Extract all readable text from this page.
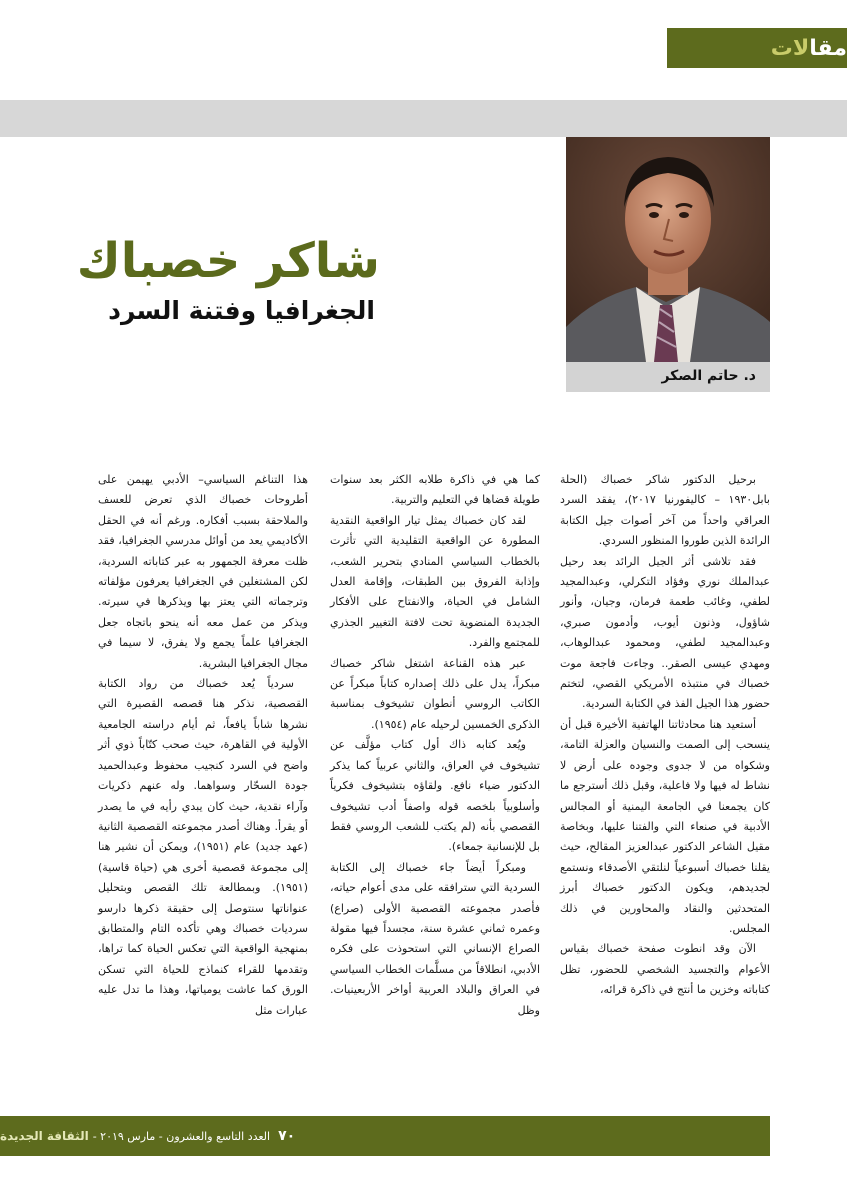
مقا
لات
د. حاتم الصكر
شاكر خصباك
الجغرافيا وفتنة السرد

برحيل الدكتور شاكر خصباك (الحلة بابل١٩٣٠ – كاليفورنيا ٢٠١٧)، يفقد السرد العراقي واحداً من آخر أصوات جيل الكتابة الرائدة الذين طوروا المنظور السردي.

فقد تلاشى أثر الجيل الرائد بعد رحيل عبدالملك نوري وفؤاد التكرلي، وعبدالمجيد لطفي، وغائب طعمة فرمان، وجيان، وأنور شاؤول، وذنون أيوب، وأدمون صبري، وعبدالمجيد لطفي، ومحمود عبدالوهاب، ومهدي عيسى الصقر.. وجاءت فاجعة موت خصباك في منتبذه الأمريكي القصي، لتختم حضور هذا الجيل الفذ في الكتابة السردية.

أستعيد هنا محادثاتنا الهاتفية الأخيرة قبل أن ينسحب إلى الصمت والنسيان والعزلة التامة، وشكواه من لا جدوى وجوده على أرض لا نشاط له فيها ولا فاعلية، وقبل ذلك أسترجع ما كان يجمعنا في الجامعة اليمنية أو المجالس الأدبية في صنعاء التي والفتنا عليها، وبخاصة مقيل الشاعر الدكتور عبدالعزيز المقالح، حيث يقلنا خصباك أسبوعياً لنلتقي الأصدقاء ونستمع لجديدهم، ويكون الدكتور خصباك أبرز المتحدثين والنقاد والمحاورين في ذلك المجلس.

الآن وقد انطوت صفحة خصباك بقياس الأعوام والتجسيد الشخصي للحضور، تظل كتاباته وخزين ما أنتج في ذاكرة قرائه،

كما هي في ذاكرة طلابه الكثر بعد سنوات طويلة قضاها في التعليم والتربية.

لقد كان خصباك يمثل تيار الواقعية النقدية المطورة عن الواقعية التقليدية التي تأثرت بالخطاب السياسي المنادي بتحرير الشعب، وإذابة الفروق بين الطبقات، وإقامة العدل الشامل في الحياة، والانفتاح على الأفكار الجديدة المنضوية تحت لافتة التغيير الجذري للمجتمع والفرد.

عبر هذه القناعة اشتغل شاكر خصباك مبكراً، يدل على ذلك إصداره كتاباً مبكراً عن الكاتب الروسي أنطوان تشيخوف بمناسبة الذكرى الخمسين لرحيله عام (١٩٥٤).

ويُعد كتابه ذاك أول كتاب مؤلَّف عن تشيخوف في العراق، والثاني عربياً كما يذكر الدكتور ضياء نافع. ولقاؤه بتشيخوف فكرياً وأسلوبياً بلخصه قوله واصفاً أدب تشيخوف القصصي بأنه (لم يكتب للشعب الروسي فقط بل للإنسانية جمعاء).

ومبكراً أيضاً جاء خصباك إلى الكتابة السردية التي سترافقه على مدى أعوام حياته، فأصدر مجموعته القصصية الأولى (صراع) وعمره ثماني عشرة سنة، مجسداً فيها مقولة الصراع الإنساني التي استحوذت على فكره الأدبي، انطلاقاً من مسلَّمات الخطاب السياسي في العراق والبلاد العربية أواخر الأربعينيات. وظل

هذا التناغم السياسي– الأدبي يهيمن على أطروحات خصباك الذي تعرض للعسف والملاحقة بسبب أفكاره. ورغم أنه في الحقل الأكاديمي يعد من أوائل مدرسي الجغرافيا، فقد ظلت معرفة الجمهور به عبر كتاباته السردية، لكن المشتغلين في الجغرافيا يعرفون مؤلفاته وترجماته التي يعتز بها ويذكرها في سيرته. ويذكر من عمل معه أنه ينحو باتجاه جعل الجغرافيا علماً يجمع ولا يفرق، لا سيما في مجال الجغرافيا البشرية.

سردياً يُعد خصباك من رواد الكتابة القصصية، نذكر هنا قصصه القصيرة التي نشرها شاباً يافعاً، ثم أيام دراسته الجامعية الأولية في القاهرة، حيث صحب كتّاباً ذوي أثر واضح في السرد كنجيب محفوظ وعبدالحميد جودة السحّار وسواهما. وله عنهم ذكريات وآراء نقدية، حيث كان يبدي رأيه في ما يصدر أو يقرأ. وهناك أصدر مجموعته القصصية الثانية (عهد جديد) عام (١٩٥١)، ويمكن أن نشير هنا إلى مجموعة قصصية أخرى هي (حياة قاسية) (١٩٥١). وبمطالعة تلك القصص وبتحليل عنواناتها سنتوصل إلى حقيقة ذكرها دارسو سرديات خصباك وهي تأكده التام والمتطابق بمنهجية الواقعية التي تعكس الحياة كما تراها، وتقدمها للقراء كنماذج للحياة التي تسكن الورق كما عاشت يومياتها، وهذا ما تدل عليه عبارات مثل

٧٠
العدد التاسع والعشرون - مارس ٢٠١٩ -
الثقافة الجديدة
